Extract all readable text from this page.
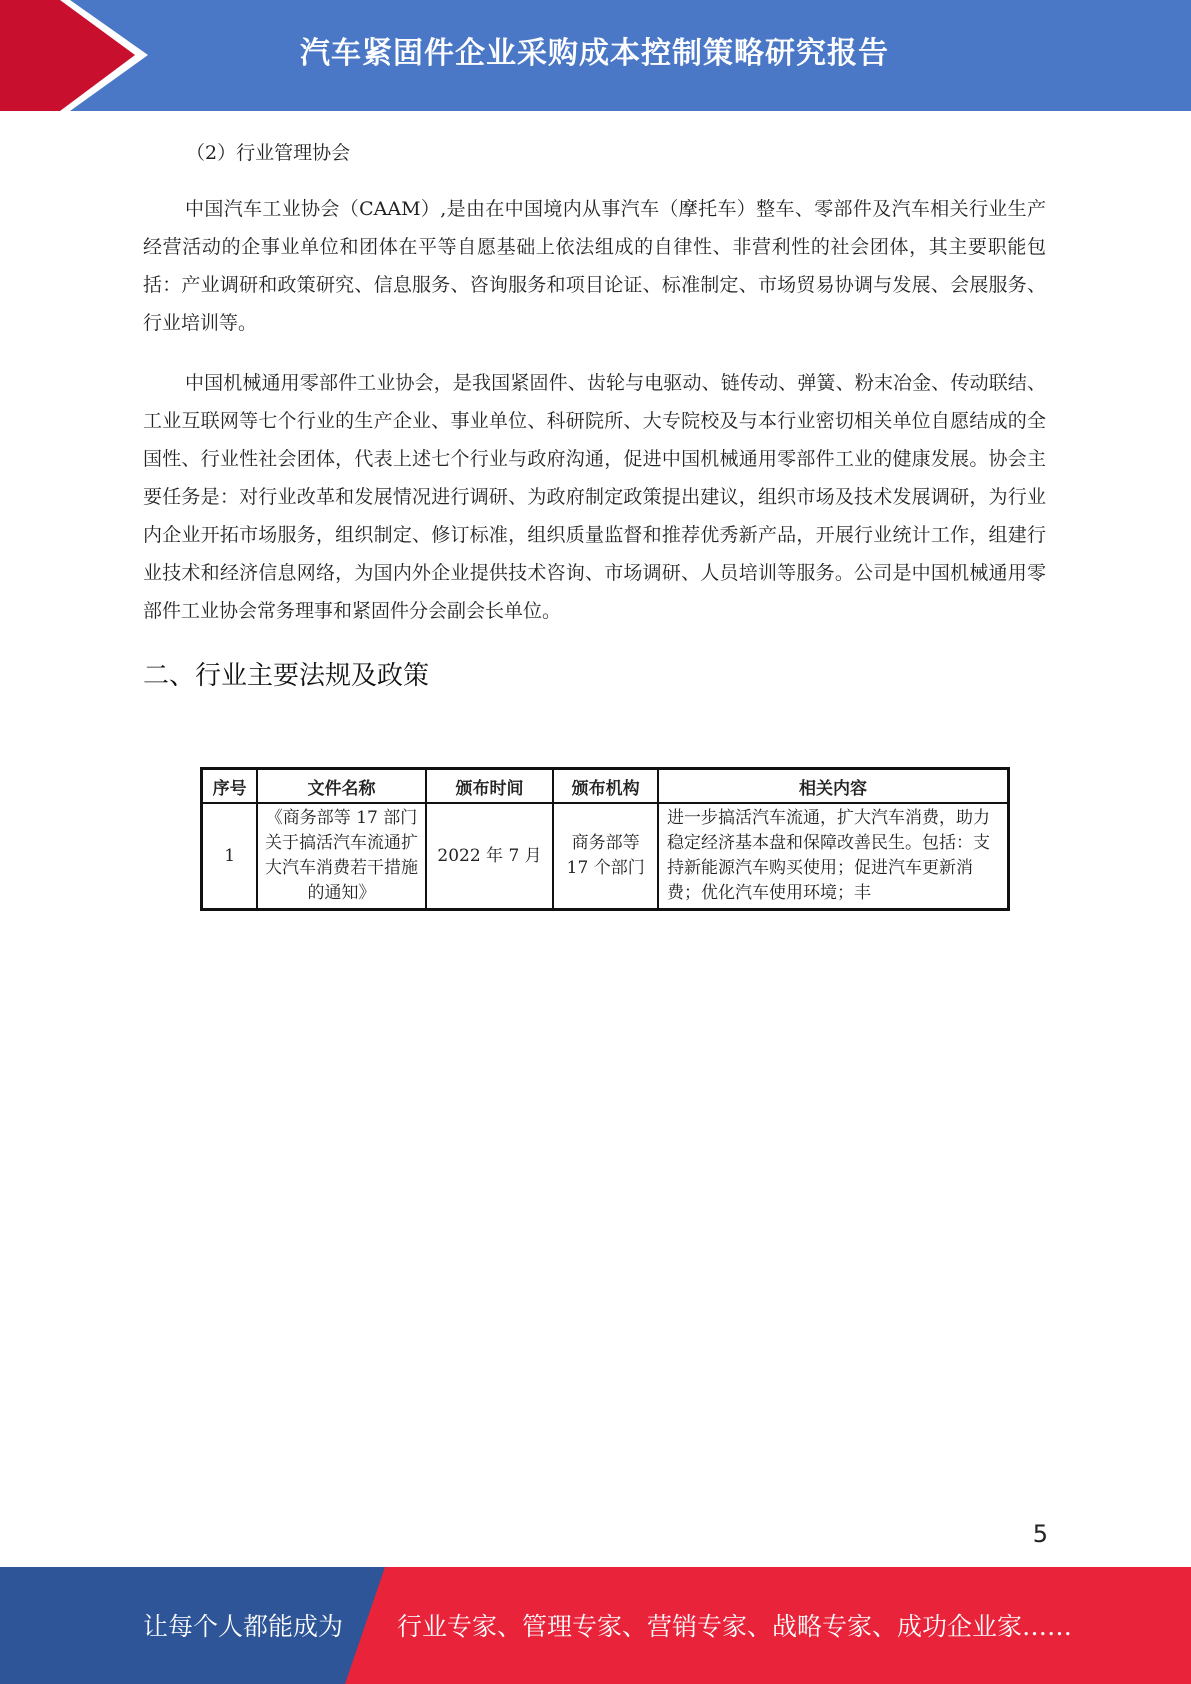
汽车紧固件企业采购成本控制策略研究报告
（2）行业管理协会

中国汽车工业协会（CAAM）,是由在中国境内从事汽车（摩托车）整车、零部件及汽车相关行业生产经营活动的企事业单位和团体在平等自愿基础上依法组成的自律性、非营利性的社会团体，其主要职能包括：产业调研和政策研究、信息服务、咨询服务和项目论证、标准制定、市场贸易协调与发展、会展服务、行业培训等。

中国机械通用零部件工业协会，是我国紧固件、齿轮与电驱动、链传动、弹簧、粉末冶金、传动联结、工业互联网等七个行业的生产企业、事业单位、科研院所、大专院校及与本行业密切相关单位自愿结成的全国性、行业性社会团体，代表上述七个行业与政府沟通，促进中国机械通用零部件工业的健康发展。协会主要任务是：对行业改革和发展情况进行调研、为政府制定政策提出建议，组织市场及技术发展调研，为行业内企业开拓市场服务，组织制定、修订标准，组织质量监督和推荐优秀新产品，开展行业统计工作，组建行业技术和经济信息网络，为国内外企业提供技术咨询、市场调研、人员培训等服务。公司是中国机械通用零部件工业协会常务理事和紧固件分会副会长单位。

二、行业主要法规及政策
序号	文件名称	颁布时间	颁布机构	相关内容
1	《商务部等 17 部门关于搞活汽车流通扩大汽车消费若干措施的通知》	2022 年 7 月	商务部等 17 个部门	进一步搞活汽车流通，扩大汽车消费，助力稳定经济基本盘和保障改善民生。包括：支持新能源汽车购买使用；促进汽车更新消费；优化汽车使用环境；丰
5
让每个人都能成为 行业专家、管理专家、营销专家、战略专家、成功企业家……
